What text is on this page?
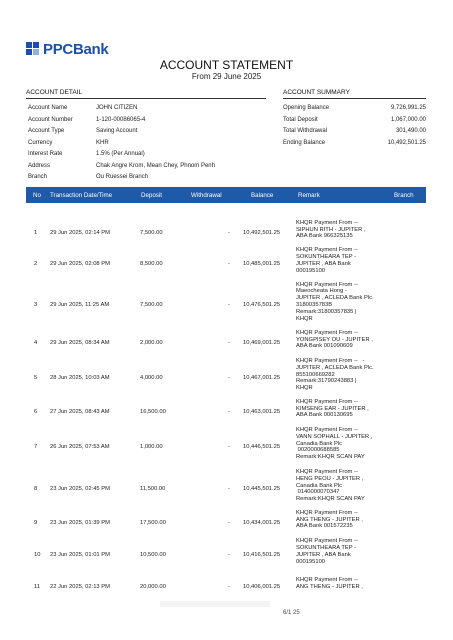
PPCBank
ACCOUNT STATEMENT
From 29 June 2025
ACCOUNT DETAIL
Account Name	JOHN CITIZEN
Account Number	1-120-00086065-4
Account Type	Saving Account
Currency	KHR
Interest Rate	1.5% (Per Annual)
Address	Chak Angre Krom, Mean Chey, Phnom Penh
Branch	Ou Ruessei Branch
ACCOUNT SUMMARY
Opening Balance	9,726,991.25
Total Deposit	1,067,000.00
Total Withdrawal	301,490.00
Ending Balance	10,492,501.25
No Transaction Date/Time	Deposit	Withdrawal	Balance	Remark	Branch
1 29 Jun 2025, 02:14 PM	7,500.00	- 10,492,501.25
KHQR Payment From --
SIPHUN RITH - JUPITER ,
ABA Bank 966325135
2 29 Jun 2025, 02:08 PM	8,500.00	- 10,485,001.25
KHQR Payment From --
SOKUNTHEARA TEP -
JUPITER , ABA Bank
000195100
3 29 Jun 2025, 11:25 AM	7,500.00	- 10,476,501.25
KHQR Payment From --
Maeocheata Hong -
JUPITER , ACLEDA Bank Plc.
3180035783B
Remark:31800357835 |
KHQR
4 29 Jun 2025, 08:34 AM	2,000.00	- 10,469,001.25
KHQR Payment From --
YONGPISEY OU - JUPITER ,
ABA Bank 001090609
5 28 Jun 2025, 10:03 AM	4,000.00	- 10,467,001.25
KHQR Payment From --   -
JUPITER , ACLEDA Bank Plc.
855100669282
Remark:31790243883 |
KHQR
6 27 Jun 2025, 08:43 AM	16,500.00	- 10,463,001.25
KHQR Payment From --
KIMSENG EAR - JUPITER ,
ABA Bank 000130695
7 26 Jun 2025, 07:53 AM	1,000.00	- 10,446,501.25
KHQR Payment From --
VANN SOPHALL - JUPITER ,
Canadia Bank Plc
0020000688585
Remark:KHQR SCAN PAY
8 23 Jun 2025, 02:45 PM	11,500.00	- 10,445,501.25
KHQR Payment From --
HENG PEOU - JUPITER ,
Canadia Bank Plc
0140000070347
Remark:KHQR SCAN PAY
9 23 Jun 2025, 01:39 PM	17,500.00	- 10,434,001.25
KHQR Payment From --
ANG THENG - JUPITER ,
ABA Bank 001572235
10 23 Jun 2025, 01:01 PM	10,500.00	- 10,416,501.25
KHQR Payment From --
SOKUNTHEARA TEP -
JUPITER , ABA Bank
000195100
11 22 Jun 2025, 02:13 PM	20,000.00	- 10,406,001.25
KHQR Payment From --
ANG THENG - JUPITER ,
6/1 25
